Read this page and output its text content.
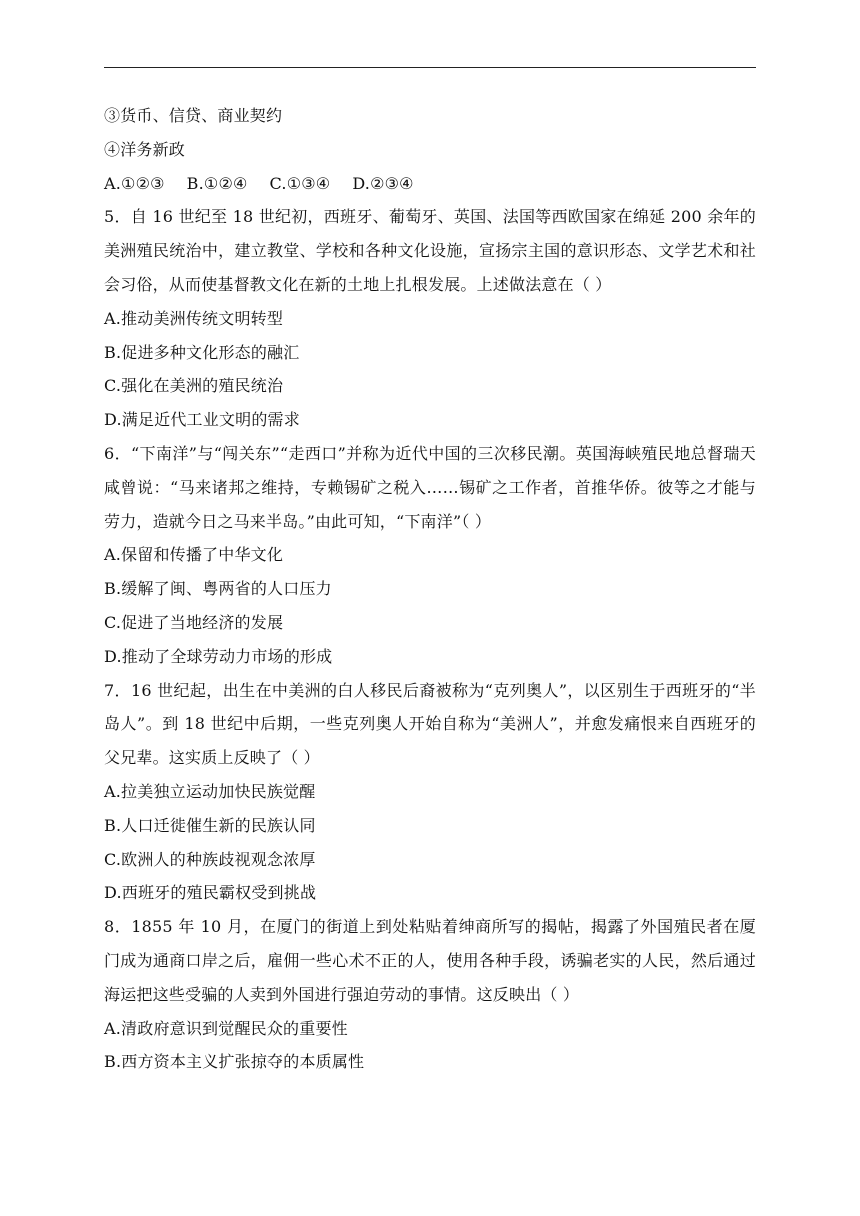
③货币、信贷、商业契约
④洋务新政
A.①②③ B.①②④ C.①③④ D.②③④
5．自 16 世纪至 18 世纪初，西班牙、葡萄牙、英国、法国等西欧国家在绵延 200 余年的美洲殖民统治中，建立教堂、学校和各种文化设施，宣扬宗主国的意识形态、文学艺术和社会习俗，从而使基督教文化在新的土地上扎根发展。上述做法意在（ ）
A.推动美洲传统文明转型
B.促进多种文化形态的融汇
C.强化在美洲的殖民统治
D.满足近代工业文明的需求
6．“下南洋”与“闯关东”“走西口”并称为近代中国的三次移民潮。英国海峡殖民地总督瑞天咸曾说：“马来诸邦之维持，专赖锡矿之税入……锡矿之工作者，首推华侨。彼等之才能与劳力，造就今日之马来半岛。”由此可知，“下南洋”（ ）
A.保留和传播了中华文化
B.缓解了闽、粤两省的人口压力
C.促进了当地经济的发展
D.推动了全球劳动力市场的形成
7．16 世纪起，出生在中美洲的白人移民后裔被称为“克列奥人”，以区别生于西班牙的“半岛人”。到 18 世纪中后期，一些克列奥人开始自称为“美洲人”，并愈发痛恨来自西班牙的父兄辈。这实质上反映了（ ）
A.拉美独立运动加快民族觉醒
B.人口迁徙催生新的民族认同
C.欧洲人的种族歧视观念浓厚
D.西班牙的殖民霸权受到挑战
8．1855 年 10 月，在厦门的街道上到处粘贴着绅商所写的揭帖，揭露了外国殖民者在厦门成为通商口岸之后，雇佣一些心术不正的人，使用各种手段，诱骗老实的人民，然后通过海运把这些受骗的人卖到外国进行强迫劳动的事情。这反映出（ ）
A.清政府意识到觉醒民众的重要性
B.西方资本主义扩张掠夺的本质属性
